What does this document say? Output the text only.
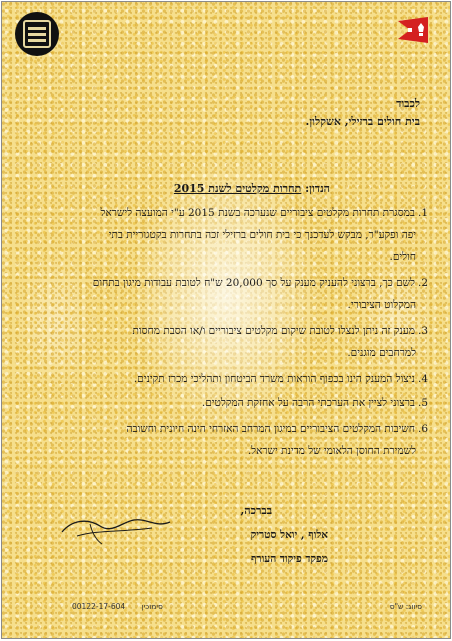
לכבוד
בית חולים ברזילי, אשקלון.
הנדון: תחרות מקלטים לשנת 2015
1.במסגרת תחרות מקלטים ציבוריים שנערכה בשנת 2015 ע"י המועצה לישראל
יפה ופקע"ר, מבקש לעדכנך כי בית חולים ברזילי זכה בתחרות בקטגוריית בתי
חולים.
2.לשם כך, ברצוני להעניק מענק על סך 20,000 ש"ח לטובת עבודות מיגון בתחום
המקלוט הציבורי.
3.מענק זה ניתן לנצלו לטובת שיקום מקלטים ציבוריים ו/או הסבת מחסות
למרחבים מוגנים.
4.ניצול המענק הינו בכפוף הוראות משרד הביטחון ותהליכי מכרז תקינים.
5.ברצוני לציין את הערכתי הרבה על אחזקת המקלטים.
6.חשיבות המקלטים הציבוריים במיגון המרחב האזרחי הינה חיונית וחשובה
לשמירת החוסן הלאומי של מדינת ישראל.
בברכה,
אלוף , יואל סטריק
מפקד פיקוד העורף
00122-17-604 סימוכין	סיווג: ש"ס
